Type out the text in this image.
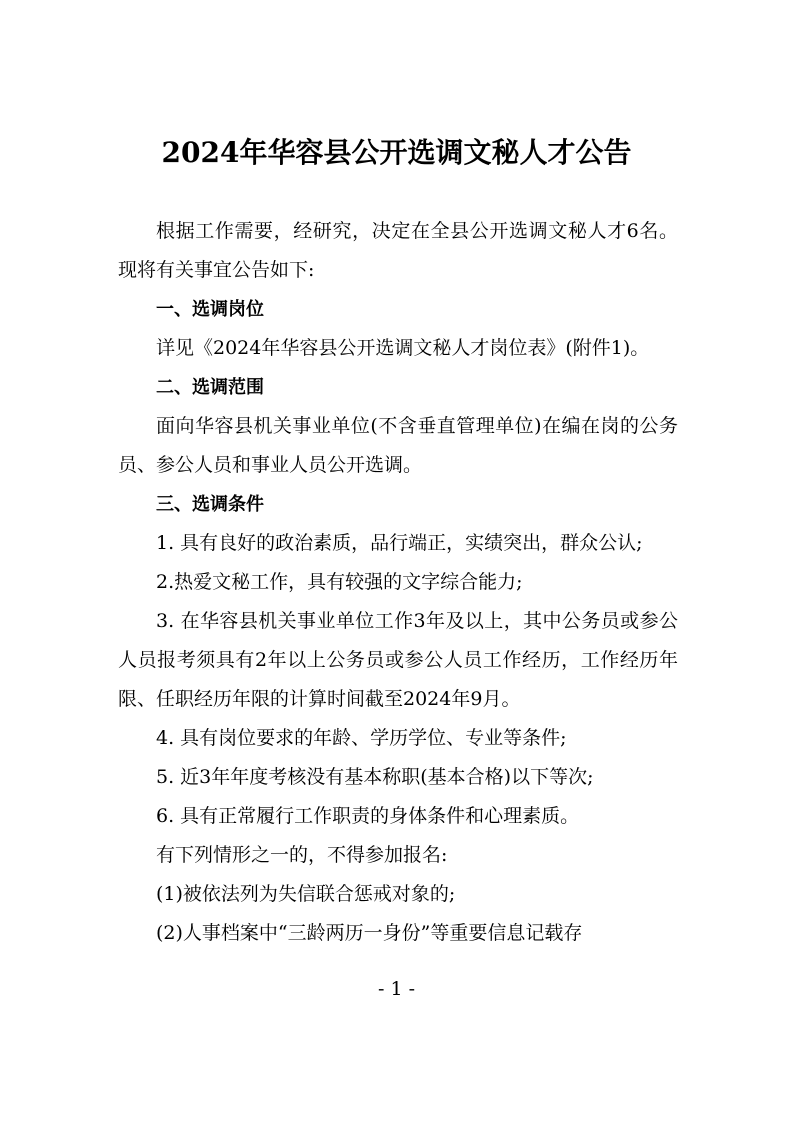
2024年华容县公开选调文秘人才公告

根据工作需要，经研究，决定在全县公开选调文秘人才6名。现将有关事宜公告如下:

一、选调岗位

详见《2024年华容县公开选调文秘人才岗位表》(附件1)。

二、选调范围

面向华容县机关事业单位(不含垂直管理单位)在编在岗的公务员、参公人员和事业人员公开选调。

三、选调条件

1. 具有良好的政治素质，品行端正，实绩突出，群众公认;

2.热爱文秘工作，具有较强的文字综合能力;

3. 在华容县机关事业单位工作3年及以上，其中公务员或参公人员报考须具有2年以上公务员或参公人员工作经历，工作经历年限、任职经历年限的计算时间截至2024年9月。

4. 具有岗位要求的年龄、学历学位、专业等条件;

5. 近3年年度考核没有基本称职(基本合格)以下等次;

6. 具有正常履行工作职责的身体条件和心理素质。

有下列情形之一的，不得参加报名:

(1)被依法列为失信联合惩戒对象的;

(2)人事档案中“三龄两历一身份”等重要信息记载存

- 1 -
